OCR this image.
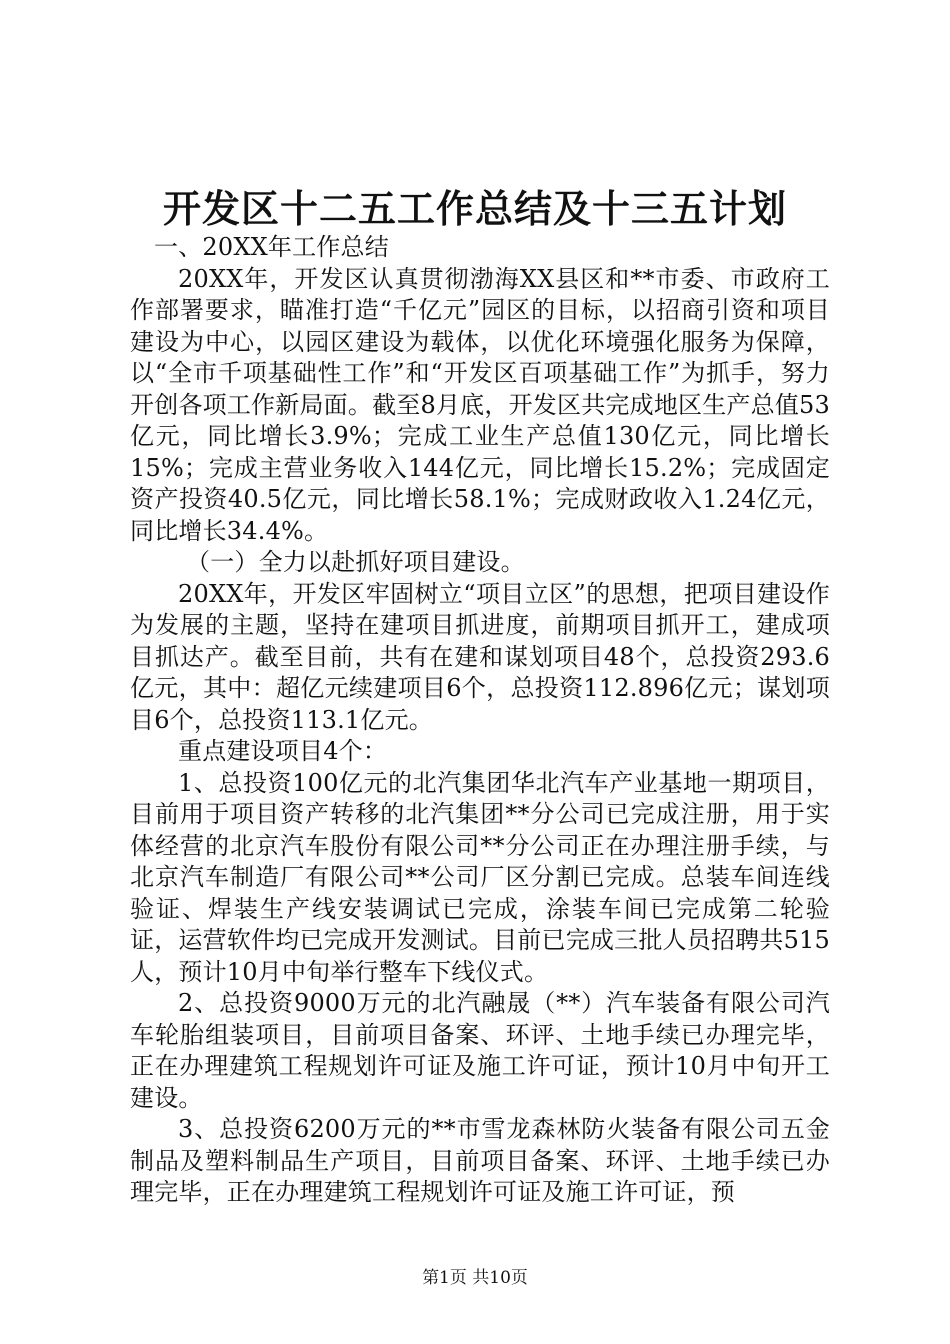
开发区十二五工作总结及十三五计划

一、20XX年工作总结

20XX年，开发区认真贯彻渤海XX县区和**市委、市政府工作部署要求，瞄准打造“千亿元”园区的目标，以招商引资和项目建设为中心，以园区建设为载体，以优化环境强化服务为保障，以“全市千项基础性工作”和“开发区百项基础工作”为抓手，努力开创各项工作新局面。截至8月底，开发区共完成地区生产总值53亿元，同比增长3.9%；完成工业生产总值130亿元，同比增长15%；完成主营业务收入144亿元，同比增长15.2%；完成固定资产投资40.5亿元，同比增长58.1%；完成财政收入1.24亿元，同比增长34.4%。

（一）全力以赴抓好项目建设。

20XX年，开发区牢固树立“项目立区”的思想，把项目建设作为发展的主题，坚持在建项目抓进度，前期项目抓开工，建成项目抓达产。截至目前，共有在建和谋划项目48个，总投资293.6亿元，其中：超亿元续建项目6个，总投资112.896亿元；谋划项目6个，总投资113.1亿元。

重点建设项目4个：

1、总投资100亿元的北汽集团华北汽车产业基地一期项目，目前用于项目资产转移的北汽集团**分公司已完成注册，用于实体经营的北京汽车股份有限公司**分公司正在办理注册手续，与北京汽车制造厂有限公司**公司厂区分割已完成。总装车间连线验证、焊装生产线安装调试已完成，涂装车间已完成第二轮验证，运营软件均已完成开发测试。目前已完成三批人员招聘共515人，预计10月中旬举行整车下线仪式。

2、总投资9000万元的北汽融晟（**）汽车装备有限公司汽车轮胎组装项目，目前项目备案、环评、土地手续已办理完毕，正在办理建筑工程规划许可证及施工许可证，预计10月中旬开工建设。

3、总投资6200万元的**市雪龙森林防火装备有限公司五金制品及塑料制品生产项目，目前项目备案、环评、土地手续已办理完毕，正在办理建筑工程规划许可证及施工许可证，预

第1页 共10页
